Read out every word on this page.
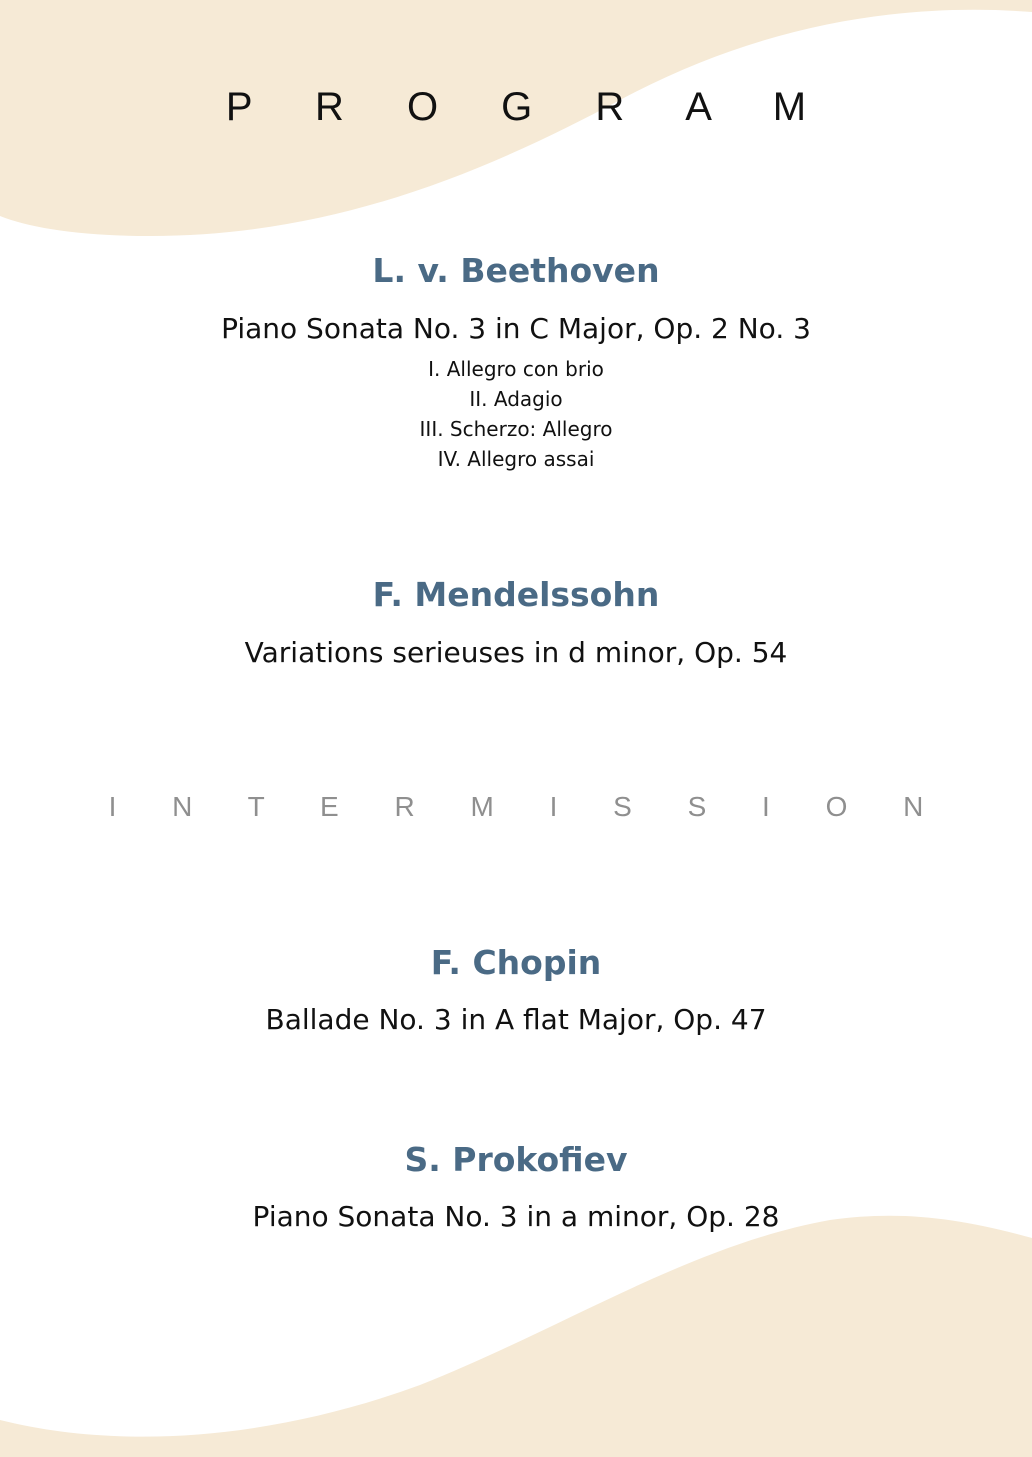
P R O G R A M
L. v. Beethoven
Piano Sonata No. 3 in C Major, Op. 2 No. 3
I. Allegro con brio
II. Adagio
III. Scherzo: Allegro
IV. Allegro assai
F. Mendelssohn
Variations serieuses in d minor, Op. 54
I N T E R M I S S I O N
F. Chopin
Ballade No. 3 in A flat Major, Op. 47
S. Prokofiev
Piano Sonata No. 3 in a minor, Op. 28
